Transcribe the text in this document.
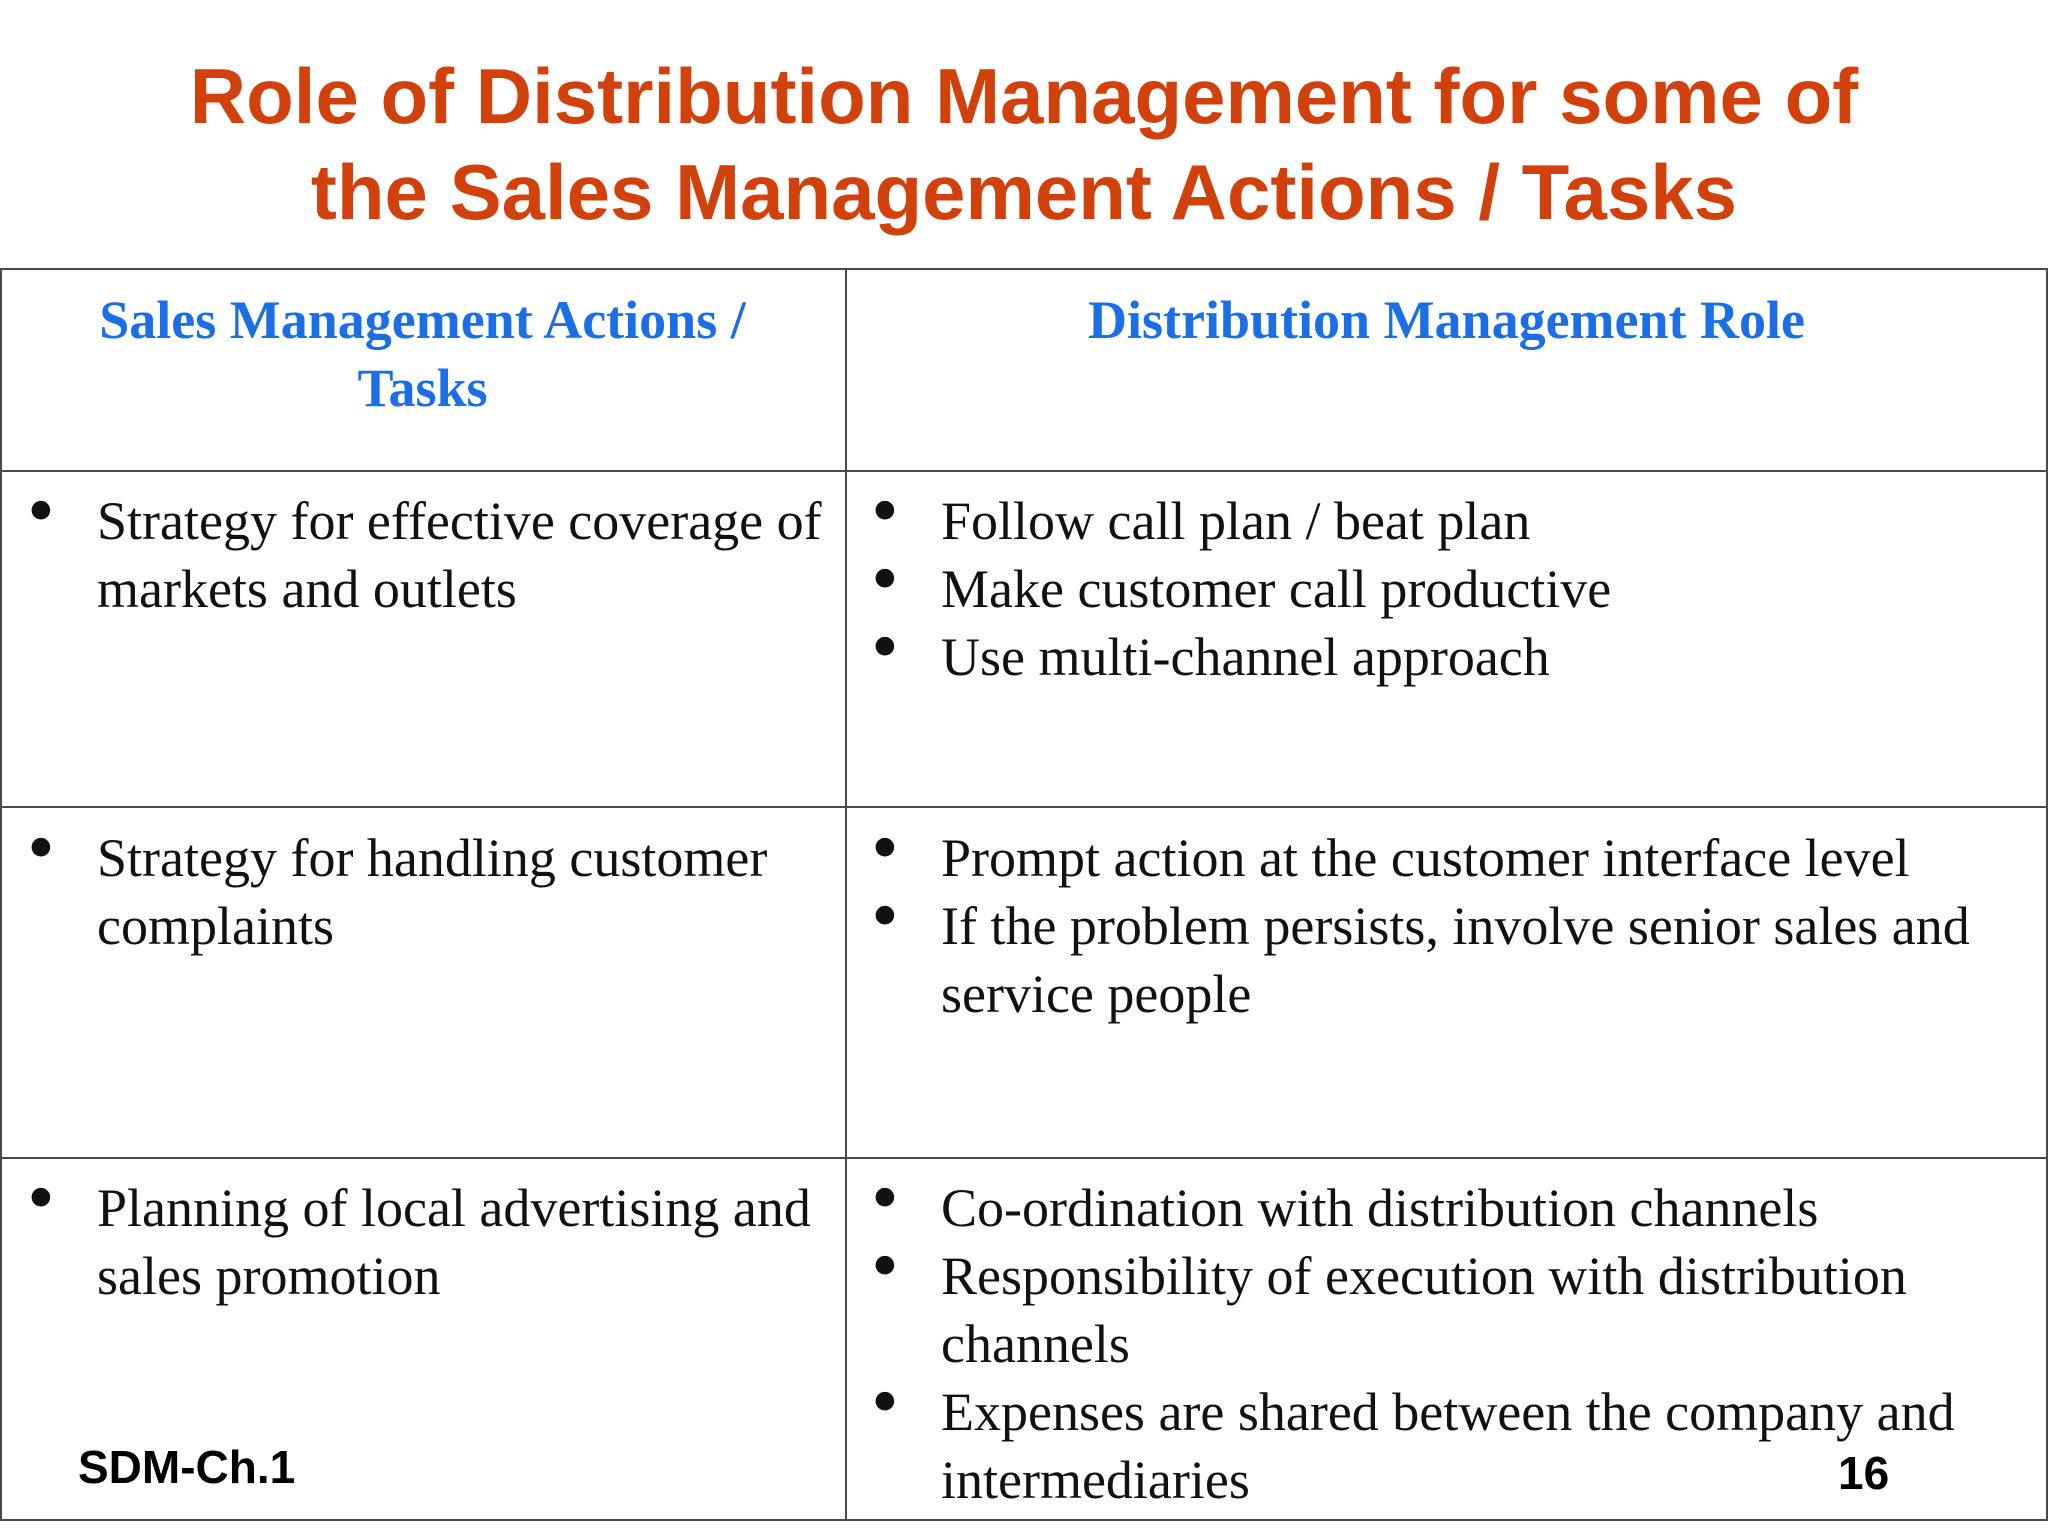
Role of Distribution Management for some of
the Sales Management Actions / Tasks
Sales Management Actions /
Tasks
Distribution Management Role
• Strategy for effective coverage of markets and outlets
• Follow call plan / beat plan
• Make customer call productive
• Use multi-channel approach
• Strategy for handling customer complaints
• Prompt action at the customer interface level
• If the problem persists, involve senior sales and service people
• Planning of local advertising and sales promotion
• Co-ordination with distribution channels
• Responsibility of execution with distribution channels
• Expenses are shared between the company and intermediaries
SDM-Ch.1	16
